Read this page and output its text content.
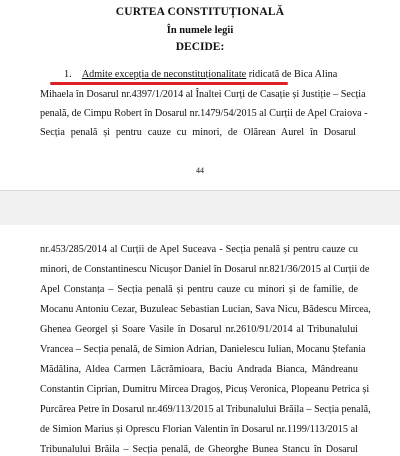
CURTEA CONSTITUȚIONALĂ

În numele legii

DECIDE:

1. Admite excepția de neconstituționalitate ridicată de Bica Alina

Mihaela în Dosarul nr.4397/1/2014 al Înaltei Curți de Casație și Justiție – Secția

penală, de Cimpu Robert în Dosarul nr.1479/54/2015 al Curții de Apel Craiova -

Secția penală și pentru cauze cu minori, de Olărean Aurel în Dosarul

44

nr.453/285/2014 al Curții de Apel Suceava - Secția penală și pentru cauze cu

minori, de Constantinescu Nicușor Daniel în Dosarul nr.821/36/2015 al Curții de

Apel Constanța – Secția penală și pentru cauze cu minori și de familie, de

Mocanu Antoniu Cezar, Buzuleac Sebastian Lucian, Sava Nicu, Bădescu Mircea,

Ghenea Georgel și Soare Vasile în Dosarul nr.2610/91/2014 al Tribunalului

Vrancea – Secția penală, de Simion Adrian, Danielescu Iulian, Mocanu Ștefania

Mădălina, Aldea Carmen Lăcrămioara, Baciu Andrada Bianca, Mândreanu

Constantin Ciprian, Dumitru Mircea Dragoș, Picuș Veronica, Plopeanu Petrica și

Purcărea Petre în Dosarul nr.469/113/2015 al Tribunalului Brăila – Secția penală,

de Simion Marius și Oprescu Florian Valentin în Dosarul nr.1199/113/2015 al

Tribunalului Brăila – Secția penală, de Gheorghe Bunea Stancu în Dosarul
